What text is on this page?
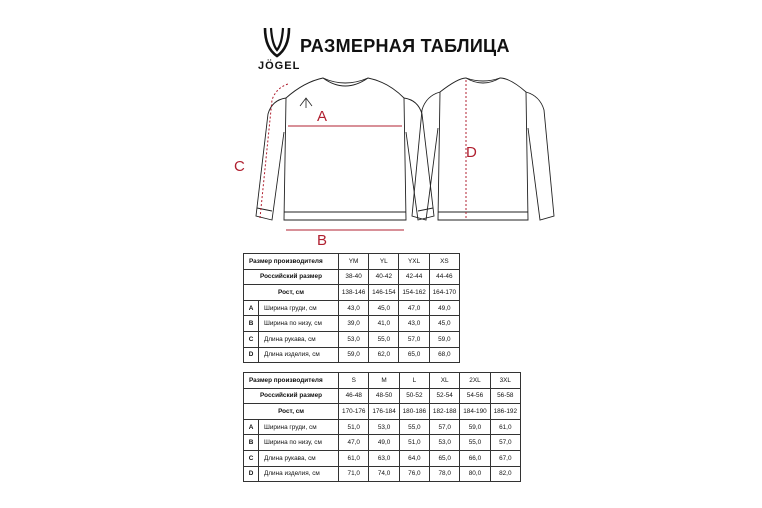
JÖGEL
РАЗМЕРНАЯ ТАБЛИЦА
A
B
C
D
Размер производителя		YM	YL	YXL	XS
Российский размер		38-40	40-42	42-44	44-46
Рост, см		138-146	146-154	154-162	164-170
A	Ширина груди, см	43,0	45,0	47,0	49,0
B	Ширина по низу, см	39,0	41,0	43,0	45,0
C	Длина рукава, см	53,0	55,0	57,0	59,0
D	Длина изделия, см	59,0	62,0	65,0	68,0
Размер производителя		S	M	L	XL	2XL	3XL
Российский размер		46-48	48-50	50-52	52-54	54-56	56-58
Рост, см		170-176	176-184	180-186	182-188	184-190	186-192
A	Ширина груди, см	51,0	53,0	55,0	57,0	59,0	61,0
B	Ширина по низу, см	47,0	49,0	51,0	53,0	55,0	57,0
C	Длина рукава, см	61,0	63,0	64,0	65,0	66,0	67,0
D	Длина изделия, см	71,0	74,0	76,0	78,0	80,0	82,0
